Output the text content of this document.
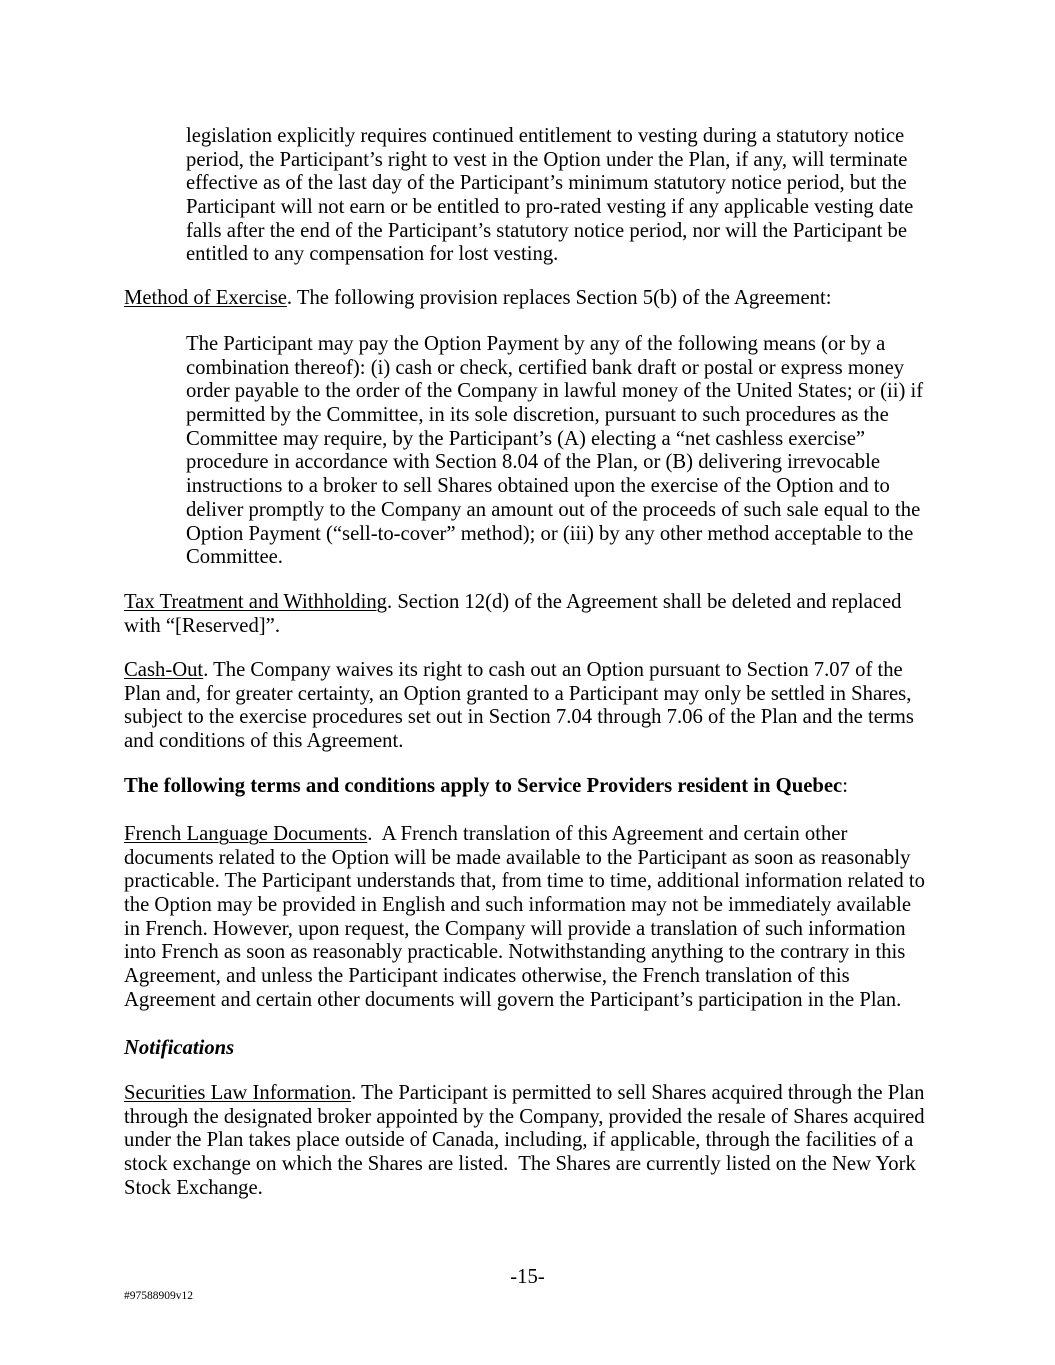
legislation explicitly requires continued entitlement to vesting during a statutory notice
period, the Participant’s right to vest in the Option under the Plan, if any, will terminate
effective as of the last day of the Participant’s minimum statutory notice period, but the
Participant will not earn or be entitled to pro-rated vesting if any applicable vesting date
falls after the end of the Participant’s statutory notice period, nor will the Participant be
entitled to any compensation for lost vesting.
Method of Exercise. The following provision replaces Section 5(b) of the Agreement:
The Participant may pay the Option Payment by any of the following means (or by a
combination thereof): (i) cash or check, certified bank draft or postal or express money
order payable to the order of the Company in lawful money of the United States; or (ii) if
permitted by the Committee, in its sole discretion, pursuant to such procedures as the
Committee may require, by the Participant’s (A) electing a “net cashless exercise”
procedure in accordance with Section 8.04 of the Plan, or (B) delivering irrevocable
instructions to a broker to sell Shares obtained upon the exercise of the Option and to
deliver promptly to the Company an amount out of the proceeds of such sale equal to the
Option Payment (“sell-to-cover” method); or (iii) by any other method acceptable to the
Committee.
Tax Treatment and Withholding. Section 12(d) of the Agreement shall be deleted and replaced
with “[Reserved]”.
Cash-Out. The Company waives its right to cash out an Option pursuant to Section 7.07 of the
Plan and, for greater certainty, an Option granted to a Participant may only be settled in Shares,
subject to the exercise procedures set out in Section 7.04 through 7.06 of the Plan and the terms
and conditions of this Agreement.
The following terms and conditions apply to Service Providers resident in Quebec:
French Language Documents.  A French translation of this Agreement and certain other
documents related to the Option will be made available to the Participant as soon as reasonably
practicable. The Participant understands that, from time to time, additional information related to
the Option may be provided in English and such information may not be immediately available
in French. However, upon request, the Company will provide a translation of such information
into French as soon as reasonably practicable. Notwithstanding anything to the contrary in this
Agreement, and unless the Participant indicates otherwise, the French translation of this
Agreement and certain other documents will govern the Participant’s participation in the Plan.
Notifications
Securities Law Information. The Participant is permitted to sell Shares acquired through the Plan
through the designated broker appointed by the Company, provided the resale of Shares acquired
under the Plan takes place outside of Canada, including, if applicable, through the facilities of a
stock exchange on which the Shares are listed.  The Shares are currently listed on the New York
Stock Exchange.
-15-
#97588909v12
